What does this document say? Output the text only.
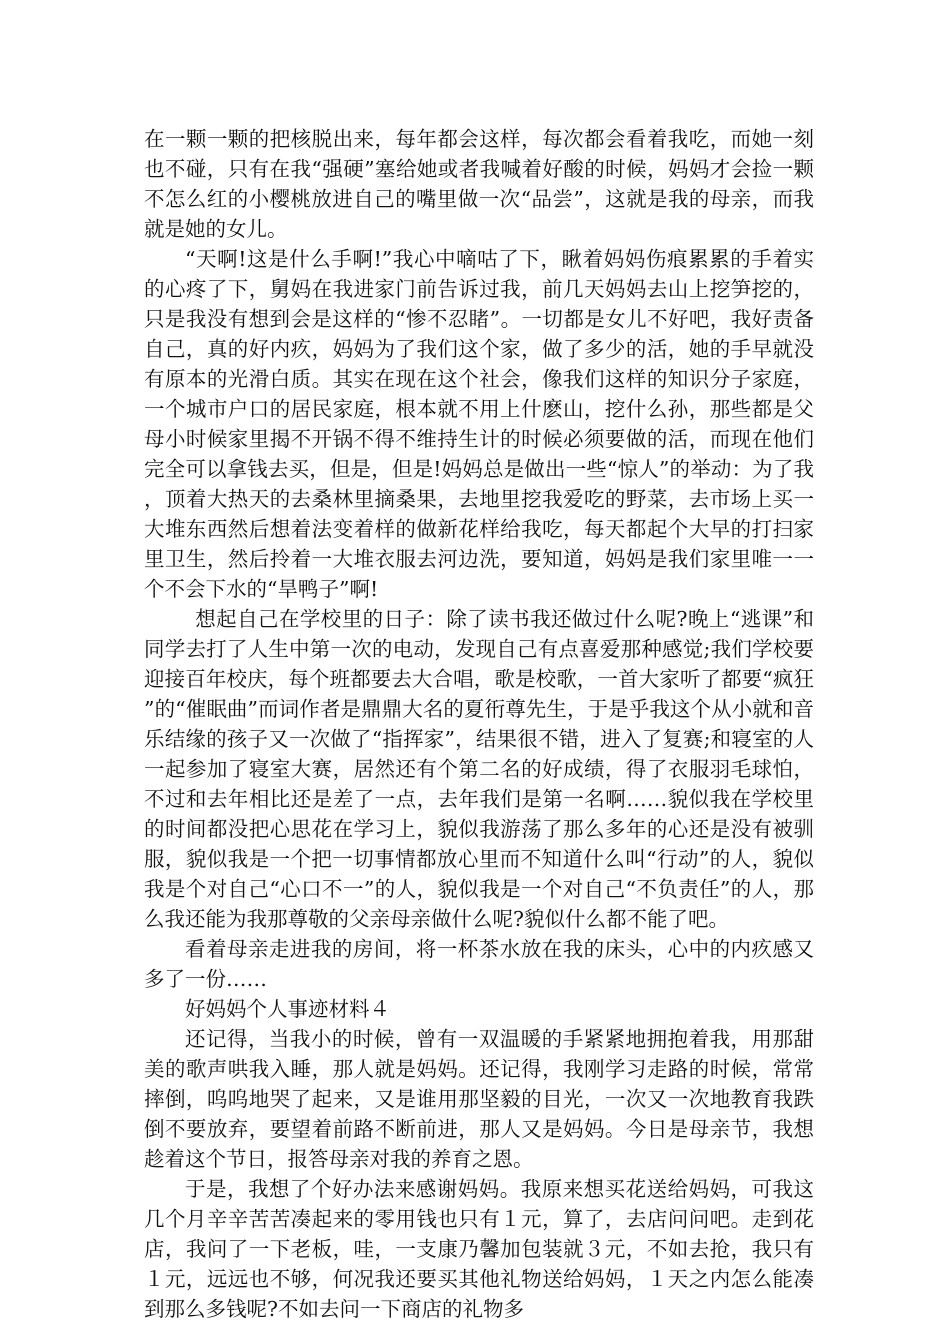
在一颗一颗的把核脱出来，每年都会这样，每次都会看着我吃，而她一刻也不碰，只有在我“强硬”塞给她或者我喊着好酸的时候，妈妈才会捡一颗不怎么红的小樱桃放进自己的嘴里做一次“品尝”，这就是我的母亲，而我就是她的女儿。

“天啊!这是什么手啊!”我心中嘀咕了下，瞅着妈妈伤痕累累的手着实的心疼了下，舅妈在我进家门前告诉过我，前几天妈妈去山上挖笋挖的，只是我没有想到会是这样的“惨不忍睹”。一切都是女儿不好吧，我好责备自己，真的好内疚，妈妈为了我们这个家，做了多少的活，她的手早就没有原本的光滑白质。其实在现在这个社会，像我们这样的知识分子家庭，一个城市户口的居民家庭，根本就不用上什麽山，挖什么孙，那些都是父母小时候家里揭不开锅不得不维持生计的时候必须要做的活，而现在他们完全可以拿钱去买，但是，但是!妈妈总是做出一些“惊人”的举动：为了我，顶着大热天的去桑林里摘桑果，去地里挖我爱吃的野菜，去市场上买一大堆东西然后想着法变着样的做新花样给我吃，每天都起个大早的打扫家里卫生，然后拎着一大堆衣服去河边洗，要知道，妈妈是我们家里唯一一个不会下水的“旱鸭子”啊!

想起自己在学校里的日子：除了读书我还做过什么呢?晚上“逃课”和同学去打了人生中第一次的电动，发现自己有点喜爱那种感觉;我们学校要迎接百年校庆，每个班都要去大合唱，歌是校歌，一首大家听了都要“疯狂”的“催眠曲”而词作者是鼎鼎大名的夏衎尊先生，于是乎我这个从小就和音乐结缘的孩子又一次做了“指挥家”，结果很不错，进入了复赛;和寝室的人一起参加了寝室大赛，居然还有个第二名的好成绩，得了衣服羽毛球怕，不过和去年相比还是差了一点，去年我们是第一名啊……貌似我在学校里的时间都没把心思花在学习上，貌似我游荡了那么多年的心还是没有被驯服，貌似我是一个把一切事情都放心里而不知道什么叫“行动”的人，貌似我是个对自己“心口不一”的人，貌似我是一个对自己“不负责任”的人，那么我还能为我那尊敬的父亲母亲做什么呢?貌似什么都不能了吧。

看着母亲走进我的房间，将一杯茶水放在我的床头，心中的内疚感又多了一份……

好妈妈个人事迹材料４

还记得，当我小的时候，曾有一双温暖的手紧紧地拥抱着我，用那甜美的歌声哄我入睡，那人就是妈妈。还记得，我刚学习走路的时候，常常摔倒，呜呜地哭了起来，又是谁用那坚毅的目光，一次又一次地教育我跌倒不要放弃，要望着前路不断前进，那人又是妈妈。今日是母亲节，我想趁着这个节日，报答母亲对我的养育之恩。

于是，我想了个好办法来感谢妈妈。我原来想买花送给妈妈，可我这几个月辛辛苦苦凑起来的零用钱也只有１元，算了，去店问问吧。走到花店，我问了一下老板，哇，一支康乃馨加包装就３元，不如去抢，我只有１元，远远也不够，何况我还要买其他礼物送给妈妈，１天之内怎么能凑到那么多钱呢?不如去问一下商店的礼物多
